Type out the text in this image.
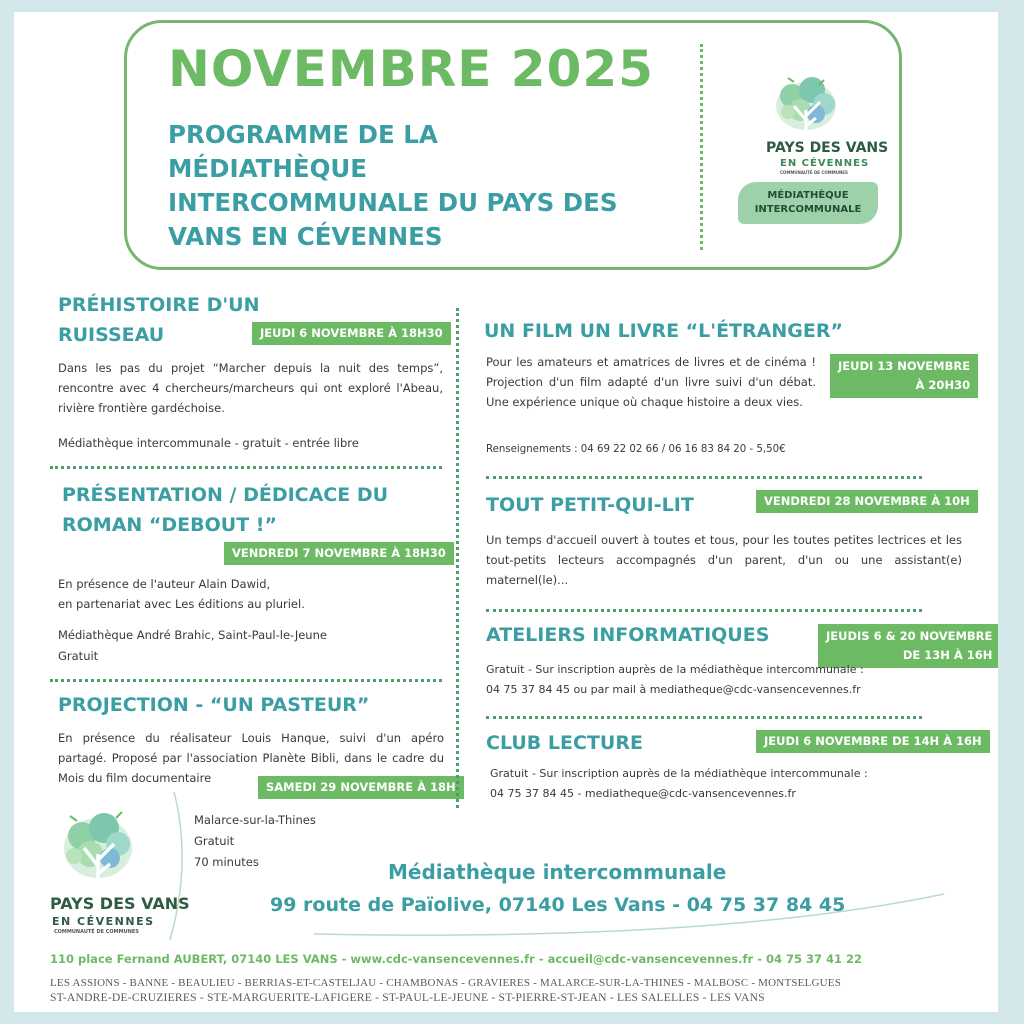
NOVEMBRE 2025
PROGRAMME DE LA MÉDIATHÈQUE INTERCOMMUNALE DU PAYS DES VANS EN CÉVENNES
PAYS DES VANS
EN CÉVENNES
COMMUNAUTÉ DE COMMUNES
MÉDIATHÈQUE INTERCOMMUNALE
PRÉHISTOIRE D'UN
RUISSEAU	JEUDI 6 NOVEMBRE À 18H30
Dans les pas du projet “Marcher depuis la nuit des temps”, rencontre avec 4 chercheurs/marcheurs qui ont exploré l'Abeau, rivière frontière gardéchoise.
Médiathèque intercommunale - gratuit - entrée libre
PRÉSENTATION / DÉDICACE DU
ROMAN “DEBOUT !”
VENDREDI 7 NOVEMBRE À 18H30
En présence de l'auteur Alain Dawid,
en partenariat avec Les éditions au pluriel.
Médiathèque André Brahic, Saint-Paul-le-Jeune
Gratuit
PROJECTION - “UN PASTEUR”
En présence du réalisateur Louis Hanque, suivi d'un apéro partagé. Proposé par l'association Planète Bibli, dans le cadre du Mois du film documentaire
SAMEDI 29 NOVEMBRE À 18H
Malarce-sur-la-Thines
Gratuit
70 minutes
UN FILM UN LIVRE “L'ÉTRANGER”
Pour les amateurs et amatrices de livres et de cinéma ! Projection d'un film adapté d'un livre suivi d'un débat. Une expérience unique où chaque histoire a deux vies.
JEUDI 13 NOVEMBRE
À 20H30
Renseignements : 04 69 22 02 66 / 06 16 83 84 20 - 5,50€
TOUT PETIT-QUI-LIT	VENDREDI 28 NOVEMBRE À 10H
Un temps d'accueil ouvert à toutes et tous, pour les toutes petites lectrices et les tout-petits lecteurs accompagnés d'un parent, d'un ou une assistant(e) maternel(le)...
ATELIERS INFORMATIQUES	JEUDIS 6 & 20 NOVEMBRE
DE 13H À 16H
Gratuit - Sur inscription auprès de la médiathèque intercommunale :
04 75 37 84 45 ou par mail à mediatheque@cdc-vansencevennes.fr
CLUB LECTURE	JEUDI 6 NOVEMBRE DE 14H À 16H
Gratuit - Sur inscription auprès de la médiathèque intercommunale :
04 75 37 84 45 - mediatheque@cdc-vansencevennes.fr
PAYS DES VANS
EN CÉVENNES
COMMUNAUTÉ DE COMMUNES
Médiathèque intercommunale
99 route de Païolive, 07140 Les Vans - 04 75 37 84 45
110 place Fernand AUBERT, 07140 LES VANS - www.cdc-vansencevennes.fr - accueil@cdc-vansencevennes.fr - 04 75 37 41 22
LES ASSIONS - BANNE - BEAULIEU - BERRIAS-ET-CASTELJAU - CHAMBONAS - GRAVIERES - MALARCE-SUR-LA-THINES - MALBOSC - MONTSELGUES
ST-ANDRE-DE-CRUZIERES - STE-MARGUERITE-LAFIGERE - ST-PAUL-LE-JEUNE - ST-PIERRE-ST-JEAN - LES SALELLES - LES VANS
